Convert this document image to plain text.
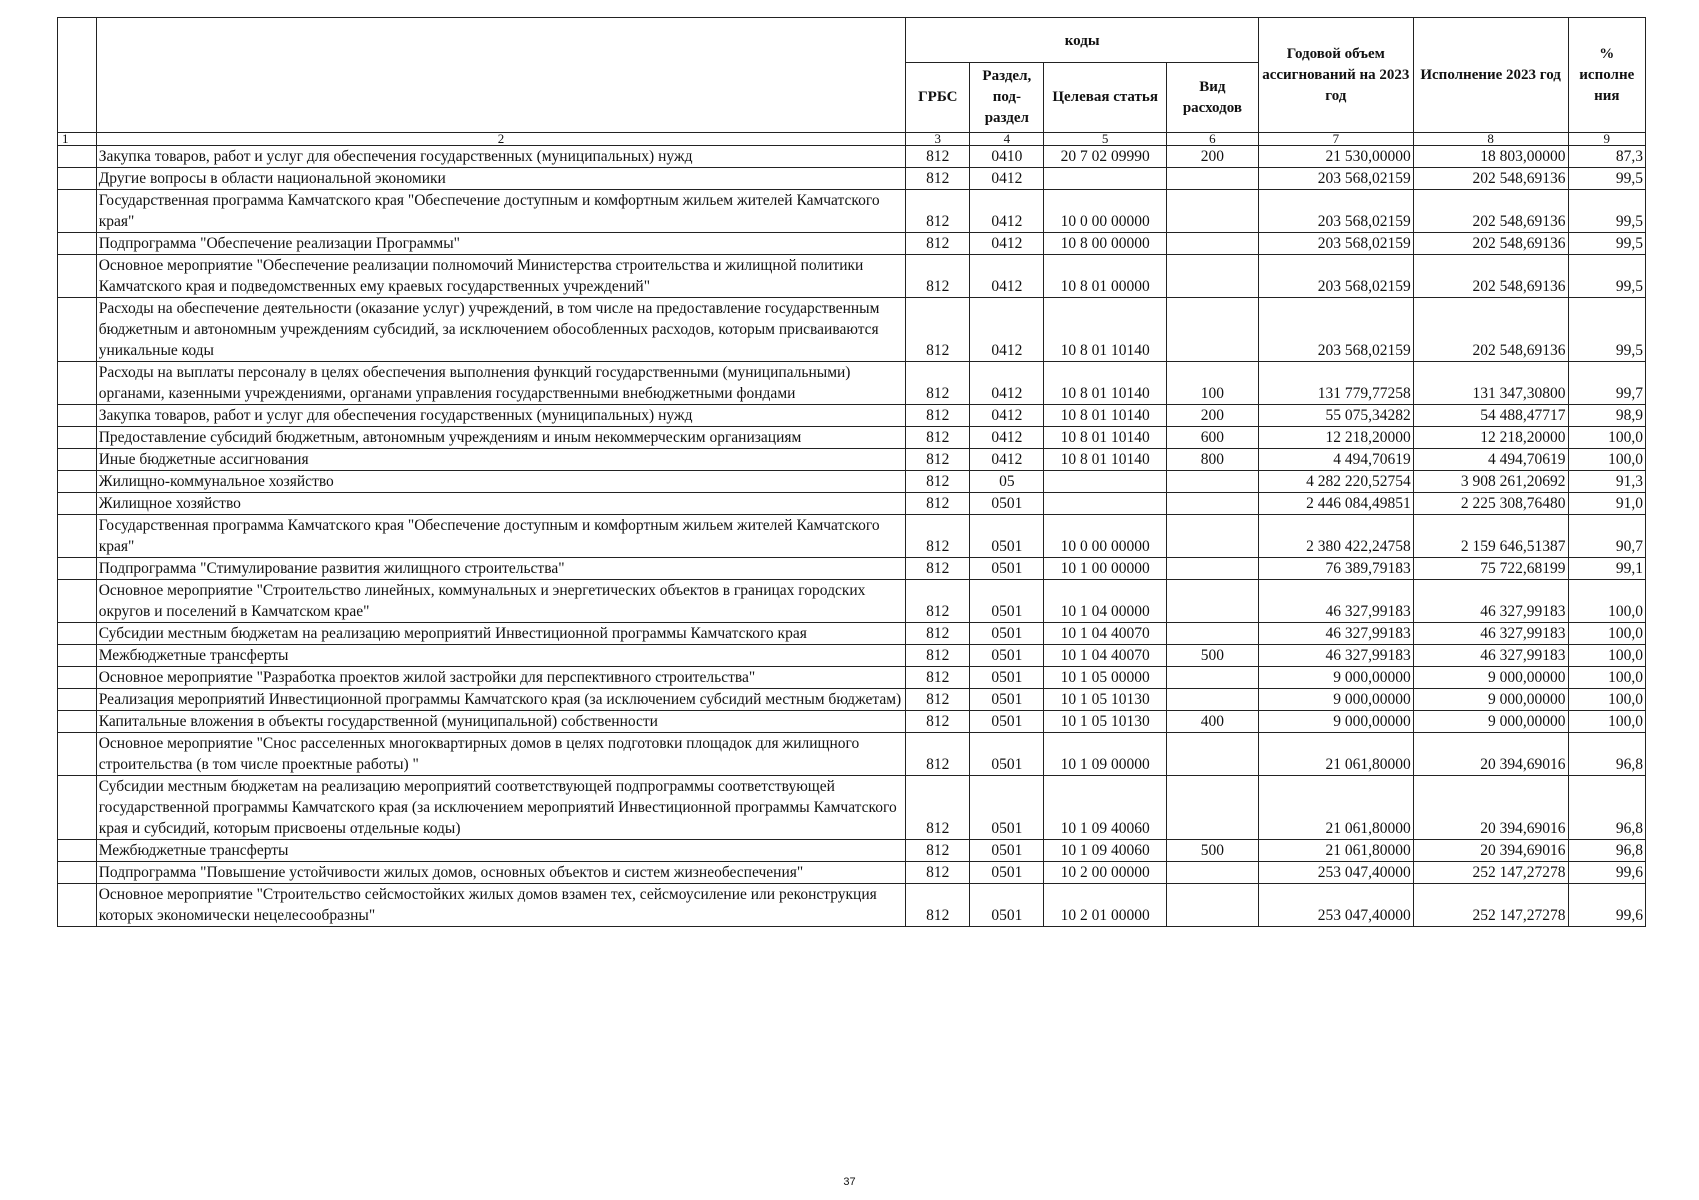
		коды				Годовой объем ассигнований на 2023 год	Исполнение 2023 год	% исполне ния
		ГРБС	Раздел, под-раздел	Целевая статья	Вид расходов			
1	2	3	4	5	6	7	8	9
	Закупка товаров, работ и услуг для обеспечения государственных (муниципальных) нужд	812	0410	20 7 02 09990	200	21 530,00000	18 803,00000	87,3
	Другие вопросы в области национальной экономики	812	0412			203 568,02159	202 548,69136	99,5
	Государственная программа Камчатского края "Обеспечение доступным и комфортным жильем жителей Камчатского края"	812	0412	10 0 00 00000		203 568,02159	202 548,69136	99,5
	Подпрограмма "Обеспечение реализации Программы"	812	0412	10 8 00 00000		203 568,02159	202 548,69136	99,5
	Основное мероприятие "Обеспечение реализации полномочий Министерства строительства и жилищной политики Камчатского края и подведомственных ему краевых государственных учреждений"	812	0412	10 8 01 00000		203 568,02159	202 548,69136	99,5
	Расходы на обеспечение деятельности (оказание услуг) учреждений, в том числе на предоставление государственным бюджетным и автономным учреждениям субсидий, за исключением обособленных расходов, которым присваиваются уникальные коды	812	0412	10 8 01 10140		203 568,02159	202 548,69136	99,5
	Расходы на выплаты персоналу в целях обеспечения выполнения функций государственными (муниципальными) органами, казенными учреждениями, органами управления государственными внебюджетными фондами	812	0412	10 8 01 10140	100	131 779,77258	131 347,30800	99,7
	Закупка товаров, работ и услуг для обеспечения государственных (муниципальных) нужд	812	0412	10 8 01 10140	200	55 075,34282	54 488,47717	98,9
	Предоставление субсидий бюджетным, автономным учреждениям и иным некоммерческим организациям	812	0412	10 8 01 10140	600	12 218,20000	12 218,20000	100,0
	Иные бюджетные ассигнования	812	0412	10 8 01 10140	800	4 494,70619	4 494,70619	100,0
	Жилищно-коммунальное хозяйство	812	05			4 282 220,52754	3 908 261,20692	91,3
	Жилищное хозяйство	812	0501			2 446 084,49851	2 225 308,76480	91,0
	Государственная программа Камчатского края "Обеспечение доступным и комфортным жильем жителей Камчатского края"	812	0501	10 0 00 00000		2 380 422,24758	2 159 646,51387	90,7
	Подпрограмма "Стимулирование развития жилищного строительства"	812	0501	10 1 00 00000		76 389,79183	75 722,68199	99,1
	Основное мероприятие "Строительство линейных, коммунальных и энергетических объектов в границах городских округов и поселений в Камчатском крае"	812	0501	10 1 04 00000		46 327,99183	46 327,99183	100,0
	Субсидии местным бюджетам на реализацию мероприятий Инвестиционной программы Камчатского края	812	0501	10 1 04 40070		46 327,99183	46 327,99183	100,0
	Межбюджетные трансферты	812	0501	10 1 04 40070	500	46 327,99183	46 327,99183	100,0
	Основное мероприятие "Разработка проектов жилой застройки для перспективного строительства"	812	0501	10 1 05 00000		9 000,00000	9 000,00000	100,0
	Реализация мероприятий Инвестиционной программы Камчатского края (за исключением субсидий местным бюджетам)	812	0501	10 1 05 10130		9 000,00000	9 000,00000	100,0
	Капитальные вложения в объекты государственной (муниципальной) собственности	812	0501	10 1 05 10130	400	9 000,00000	9 000,00000	100,0
	Основное мероприятие "Снос расселенных многоквартирных домов в целях подготовки площадок для жилищного строительства (в том числе проектные работы) "	812	0501	10 1 09 00000		21 061,80000	20 394,69016	96,8
	Субсидии местным бюджетам на реализацию мероприятий соответствующей подпрограммы соответствующей государственной программы Камчатского края (за исключением мероприятий Инвестиционной программы Камчатского края и субсидий, которым присвоены отдельные коды)	812	0501	10 1 09 40060		21 061,80000	20 394,69016	96,8
	Межбюджетные трансферты	812	0501	10 1 09 40060	500	21 061,80000	20 394,69016	96,8
	Подпрограмма "Повышение устойчивости жилых домов, основных объектов и систем жизнеобеспечения"	812	0501	10 2 00 00000		253 047,40000	252 147,27278	99,6
	Основное мероприятие "Строительство сейсмостойких жилых домов взамен тех, сейсмоусиление или реконструкция которых экономически нецелесообразны"	812	0501	10 2 01 00000		253 047,40000	252 147,27278	99,6
37
